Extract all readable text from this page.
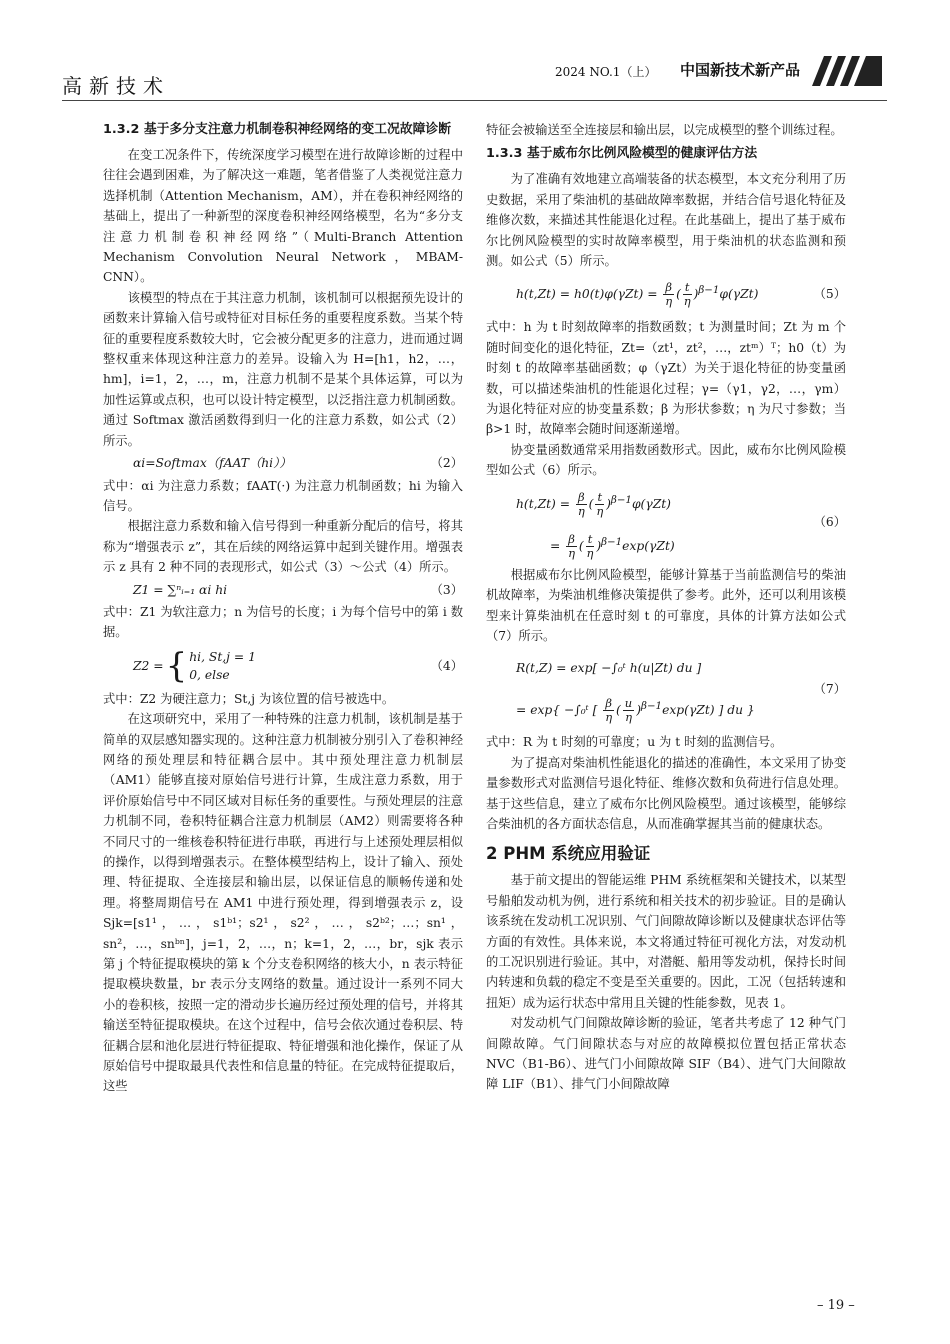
高新技术
2024 NO.1（上） 中国新技术新产品

1.3.2 基于多分支注意力机制卷积神经网络的变工况故障诊断

在变工况条件下，传统深度学习模型在进行故障诊断的过程中往往会遇到困难，为了解决这一难题，笔者借鉴了人类视觉注意力选择机制（Attention Mechanism，AM），并在卷积神经网络的基础上，提出了一种新型的深度卷积神经网络模型，名为“多分支注意力机制卷积神经网络”（Multi-Branch Attention Mechanism Convolution Neural Network，MBAM-CNN）。

该模型的特点在于其注意力机制，该机制可以根据预先设计的函数来计算输入信号或特征对目标任务的重要程度系数。当某个特征的重要程度系数较大时，它会被分配更多的注意力，进而通过调整权重来体现这种注意力的差异。设输入为 H=[h1，h2，…，hm]，i=1，2，…，m，注意力机制不是某个具体运算，可以为加性运算或点积，也可以设计特定模型，以泛指注意力机制函数。通过 Softmax 激活函数得到归一化的注意力系数，如公式（2）所示。

αi=Softmax（fAAT（hi））	（2）

式中：αi 为注意力系数；fAAT(·) 为注意力机制函数；hi 为输入信号。

根据注意力系数和输入信号得到一种重新分配后的信号，将其称为“增强表示 z”，其在后续的网络运算中起到关键作用。增强表示 z 具有 2 种不同的表现形式，如公式（3）～公式（4）所示。

Z1 = ∑ⁿᵢ₌₁ αi hi	（3）

式中：Z1 为软注意力；n 为信号的长度；i 为每个信号中的第 i 数据。

Z2 = { hi, St,j = 1
0, else
（4）

式中：Z2 为硬注意力；St,j 为该位置的信号被选中。

在这项研究中，采用了一种特殊的注意力机制，该机制是基于简单的双层感知器实现的。这种注意力机制被分别引入了卷积神经网络的预处理层和特征耦合层中。其中预处理注意力机制层（AM1）能够直接对原始信号进行计算，生成注意力系数，用于评价原始信号中不同区域对目标任务的重要性。与预处理层的注意力机制不同，卷积特征耦合注意力机制层（AM2）则需要将各种不同尺寸的一维核卷积特征进行串联，再进行与上述预处理层相似的操作，以得到增强表示。在整体模型结构上，设计了输入、预处理、特征提取、全连接层和输出层，以保证信息的顺畅传递和处理。将整周期信号在 AM1 中进行预处理，得到增强表示 z，设 Sjk=[s1¹，…，s1ᵇ¹；s2¹，s2²，…，s2ᵇ²；…；sn¹，sn²，…，snᵇⁿ]，j=1，2，…，n；k=1，2，…，br，sjk 表示第 j 个特征提取模块的第 k 个分支卷积网络的核大小，n 表示特征提取模块数量，br 表示分支网络的数量。通过设计一系列不同大小的卷积核，按照一定的滑动步长遍历经过预处理的信号，并将其输送至特征提取模块。在这个过程中，信号会依次通过卷积层、特征耦合层和池化层进行特征提取、特征增强和池化操作，保证了从原始信号中提取最具代表性和信息量的特征。在完成特征提取后，这些

特征会被输送至全连接层和输出层，以完成模型的整个训练过程。

1.3.3 基于威布尔比例风险模型的健康评估方法

为了准确有效地建立高端装备的状态模型，本文充分利用了历史数据，采用了柴油机的基础故障率数据，并结合信号退化特征及维修次数，来描述其性能退化过程。在此基础上，提出了基于威布尔比例风险模型的实时故障率模型，用于柴油机的状态监测和预测。如公式（5）所示。

$h(t,Zt) = h0(t)\varphi(\gamma Zt) = \frac{\beta}{\eta}$ ( $\frac{t}{\eta} )^{\beta-1}\varphi(\gamma Zt)$	（5）

式中：h 为 t 时刻故障率的指数函数；t 为测量时间；Zt 为 m 个随时间变化的退化特征，Zt=（zt¹，zt²，…，ztᵐ）ᵀ；h0（t）为时刻 t 的故障率基础函数；φ（γZt）为关于退化特征的协变量函数，可以描述柴油机的性能退化过程；γ=（γ1，γ2，…，γm）为退化特征对应的协变量系数；β 为形状参数；η 为尺寸参数；当 β>1 时，故障率会随时间逐渐递增。

协变量函数通常采用指数函数形式。因此，威布尔比例风险模型如公式（6）所示。

$h(t,Zt) = \frac{\beta}{\eta}$ ( $\frac{t}{\eta} )^{\beta-1}\varphi(\gamma Zt)$
= $\frac{\beta}{\eta}$ ( $\frac{t}{\eta} )^{\beta-1}\exp(\gamma Zt)$
（6）

根据威布尔比例风险模型，能够计算基于当前监测信号的柴油机故障率，为柴油机维修决策提供了参考。此外，还可以利用该模型来计算柴油机在任意时刻 t 的可靠度，具体的计算方法如公式（7）所示。

R(t,Z) = exp[ −∫₀ᵗ h(u|Zt) du ]
= exp{ −∫₀ᵗ [ $\frac{\beta}{\eta}$ ( $\frac{u}{\eta} )^{\beta-1}\exp(\gamma Zt)$ ] du }
（7）

式中：R 为 t 时刻的可靠度；u 为 t 时刻的监测信号。

为了提高对柴油机性能退化的描述的准确性，本文采用了协变量参数形式对监测信号退化特征、维修次数和负荷进行信息处理。基于这些信息，建立了威布尔比例风险模型。通过该模型，能够综合柴油机的各方面状态信息，从而准确掌握其当前的健康状态。

2 PHM 系统应用验证

基于前文提出的智能运维 PHM 系统框架和关键技术，以某型号船舶发动机为例，进行系统和相关技术的初步验证。目的是确认该系统在发动机工况识别、气门间隙故障诊断以及健康状态评估等方面的有效性。具体来说，本文将通过特征可视化方法，对发动机的工况识别进行验证。其中，对潜艇、船用等发动机，保持长时间内转速和负载的稳定不变是至关重要的。因此，工况（包括转速和扭矩）成为运行状态中常用且关键的性能参数，见表 1。

对发动机气门间隙故障诊断的验证，笔者共考虑了 12 种气门间隙故障。气门间隙状态与对应的故障模拟位置包括正常状态 NVC（B1-B6）、进气门小间隙故障 SIF（B4）、进气门大间隙故障 LIF（B1）、排气门小间隙故障

– 19 –
